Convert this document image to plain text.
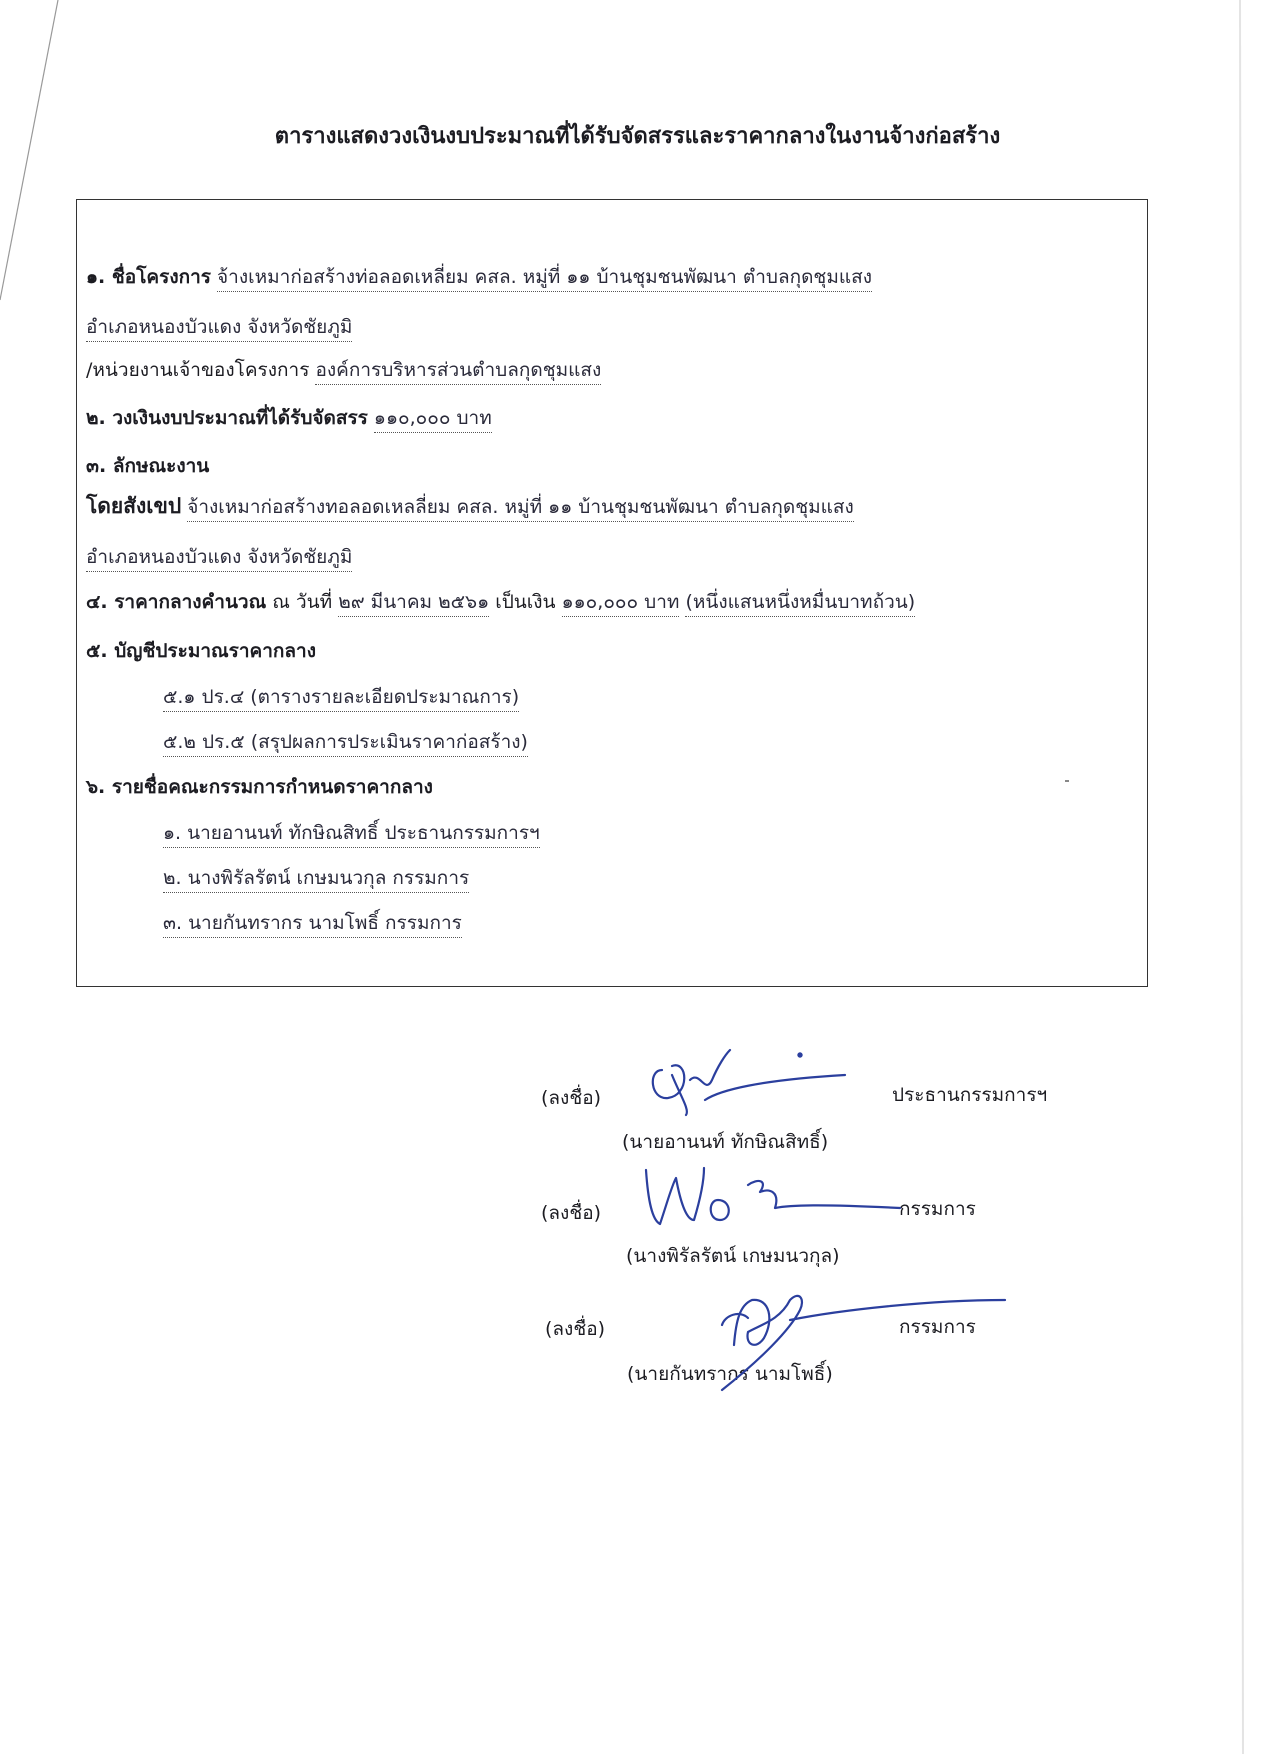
ตารางแสดงวงเงินงบประมาณที่ได้รับจัดสรรและราคากลางในงานจ้างก่อสร้าง
๑. ชื่อโครงการ จ้างเหมาก่อสร้างท่อลอดเหลี่ยม คสล. หมู่ที่ ๑๑ บ้านชุมชนพัฒนา ตำบลกุดชุมแสง
อำเภอหนองบัวแดง จังหวัดชัยภูมิ
/หน่วยงานเจ้าของโครงการ องค์การบริหารส่วนตำบลกุดชุมแสง
๒. วงเงินงบประมาณที่ได้รับจัดสรร ๑๑๐,๐๐๐ บาท
๓. ลักษณะงาน
โดยสังเขป จ้างเหมาก่อสร้างทอลอดเหลลี่ยม คสล. หมู่ที่ ๑๑ บ้านชุมชนพัฒนา ตำบลกุดชุมแสง
อำเภอหนองบัวแดง จังหวัดชัยภูมิ
๔. ราคากลางคำนวณ ณ วันที่ ๒๙ มีนาคม ๒๕๖๑ เป็นเงิน ๑๑๐,๐๐๐ บาท (หนึ่งแสนหนึ่งหมื่นบาทถ้วน)
๕. บัญชีประมาณราคากลาง
๕.๑ ปร.๔ (ตารางรายละเอียดประมาณการ)
๕.๒ ปร.๕ (สรุปผลการประเมินราคาก่อสร้าง)
๖. รายชื่อคณะกรรมการกำหนดราคากลาง
๑. นายอานนท์ ทักษิณสิทธิ์ ประธานกรรมการฯ
๒. นางพิรัลรัตน์ เกษมนวกุล กรรมการ
๓. นายกันทรากร นามโพธิ์ กรรมการ
(ลงชื่อ)	ประธานกรรมการฯ
(นายอานนท์ ทักษิณสิทธิ์)
(ลงชื่อ)	กรรมการ
(นางพิรัลรัตน์ เกษมนวกุล)
(ลงชื่อ)	กรรมการ
(นายกันทรากร นามโพธิ์)
